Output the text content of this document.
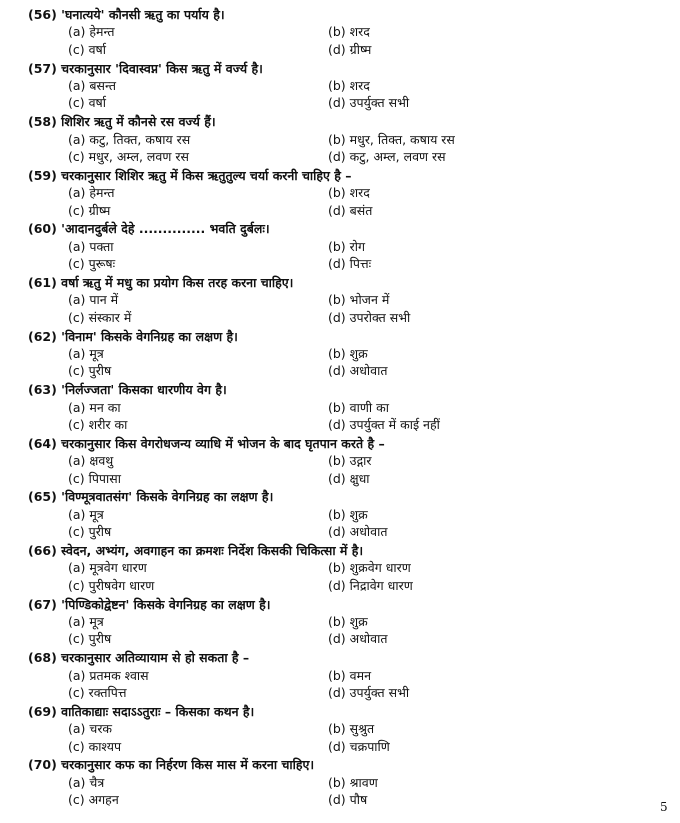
(56) 'घनात्यये' कौनसी ऋतु का पर्याय है।
(a) हेमन्त	(b) शरद
(c) वर्षा	(d) ग्रीष्म
(57) चरकानुसार 'दिवास्वप्न' किस ऋतु में वर्ज्य है।
(a) बसन्त	(b) शरद
(c) वर्षा	(d) उपर्युक्त सभी
(58) शिशिर ऋतु में कौनसे रस वर्ज्य हैं।
(a) कटु, तिक्त, कषाय रस	(b) मधुर, तिक्त, कषाय रस
(c) मधुर, अम्ल, लवण रस	(d) कटु, अम्ल, लवण रस
(59) चरकानुसार शिशिर ऋतु में किस ऋतुतुल्य चर्या करनी चाहिए है –
(a) हेमन्त	(b) शरद
(c) ग्रीष्म	(d) बसंत
(60) 'आदानदुर्बले देहे .............. भवति दुर्बलः।
(a) पक्ता	(b) रोग
(c) पुरूषः	(d) पित्तः
(61) वर्षा ऋतु में मधु का प्रयोग किस तरह करना चाहिए।
(a) पान में	(b) भोजन में
(c) संस्कार में	(d) उपरोक्त सभी
(62) 'विनाम' किसके वेगनिग्रह का लक्षण है।
(a) मूत्र	(b) शुक्र
(c) पुरीष	(d) अधोवात
(63) 'निर्लज्जता' किसका धारणीय वेग है।
(a) मन का	(b) वाणी का
(c) शरीर का	(d) उपर्युक्त में काई नहीं
(64) चरकानुसार किस वेगरोधजन्य व्याधि में भोजन के बाद घृतपान करते है –
(a) क्षवथु	(b) उद्गार
(c) पिपासा	(d) क्षुधा
(65) 'विण्मूत्रवातसंग' किसके वेगनिग्रह का लक्षण है।
(a) मूत्र	(b) शुक्र
(c) पुरीष	(d) अधोवात
(66) स्वेदन, अभ्यंग, अवगाहन का क्रमशः निर्देश किसकी चिकित्सा में है।
(a) मूत्रवेग धारण	(b) शुक्रवेग धारण
(c) पुरीषवेग धारण	(d) निद्रावेग धारण
(67) 'पिण्डिकोद्वेष्टन' किसके वेगनिग्रह का लक्षण है।
(a) मूत्र	(b) शुक्र
(c) पुरीष	(d) अधोवात
(68) चरकानुसार अतिव्यायाम से हो सकता है –
(a) प्रतमक श्वास	(b) वमन
(c) रक्तपित्त	(d) उपर्युक्त सभी
(69) वातिकाद्याः सदाऽऽतुराः – किसका कथन है।
(a) चरक	(b) सुश्रुत
(c) काश्यप	(d) चक्रपाणि
(70) चरकानुसार कफ का निर्हरण किस मास में करना चाहिए।
(a) चैत्र	(b) श्रावण
(c) अगहन	(d) पौष	5
